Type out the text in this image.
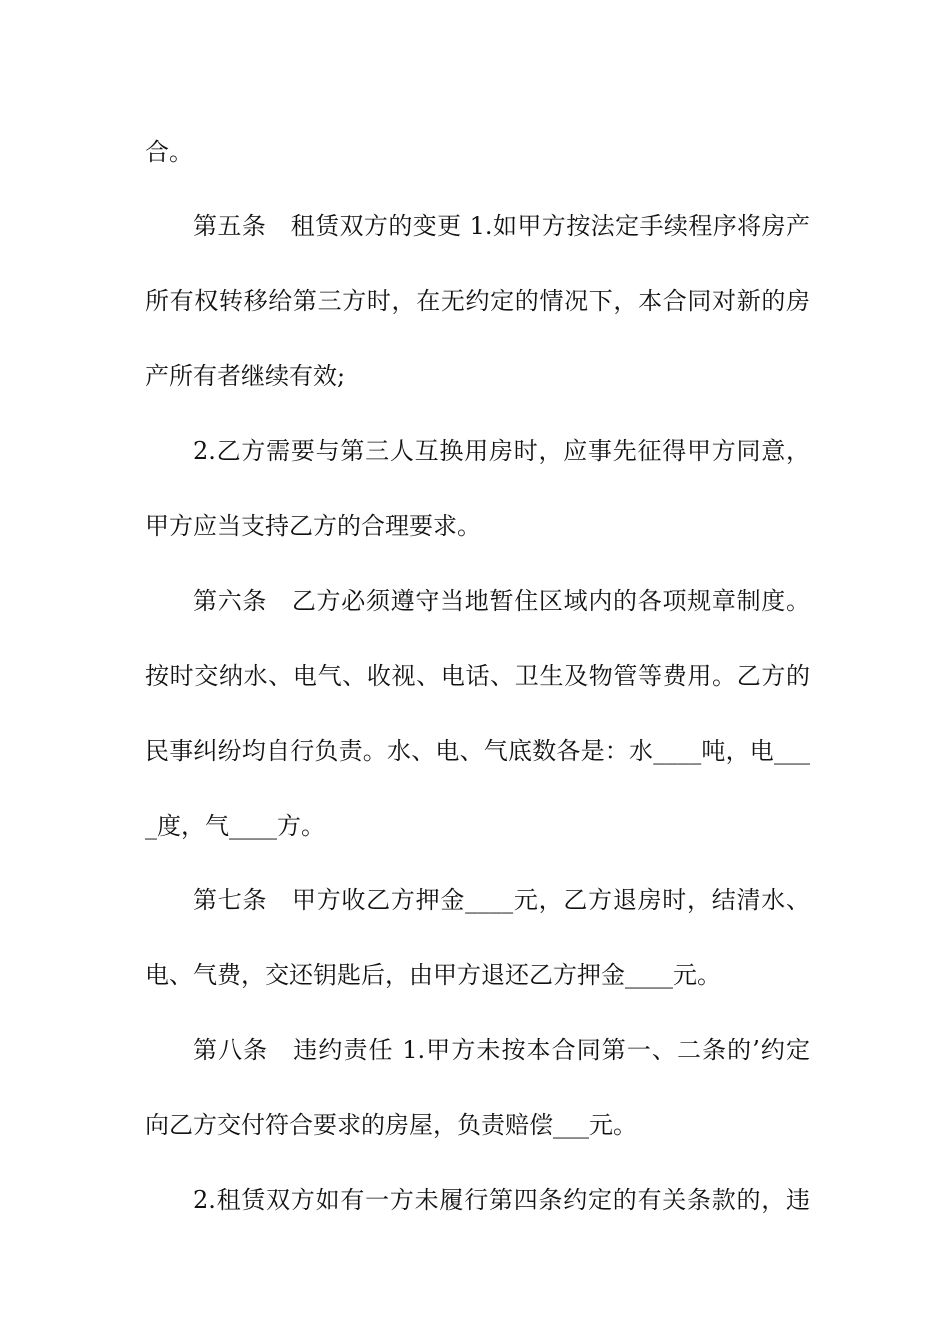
合。
第五条　租赁双方的变更 1.如甲方按法定手续程序将房产
所有权转移给第三方时，在无约定的情况下，本合同对新的房
产所有者继续有效;
2.乙方需要与第三人互换用房时，应事先征得甲方同意，
甲方应当支持乙方的合理要求。
第六条　乙方必须遵守当地暂住区域内的各项规章制度。
按时交纳水、电气、收视、电话、卫生及物管等费用。乙方的
民事纠纷均自行负责。水、电、气底数各是：水____吨，电___
_度，气____方。
第七条　甲方收乙方押金____元，乙方退房时，结清水、
电、气费，交还钥匙后，由甲方退还乙方押金____元。
第八条　违约责任 1.甲方未按本合同第一、二条的’约定
向乙方交付符合要求的房屋，负责赔偿___元。
2.租赁双方如有一方未履行第四条约定的有关条款的，违
